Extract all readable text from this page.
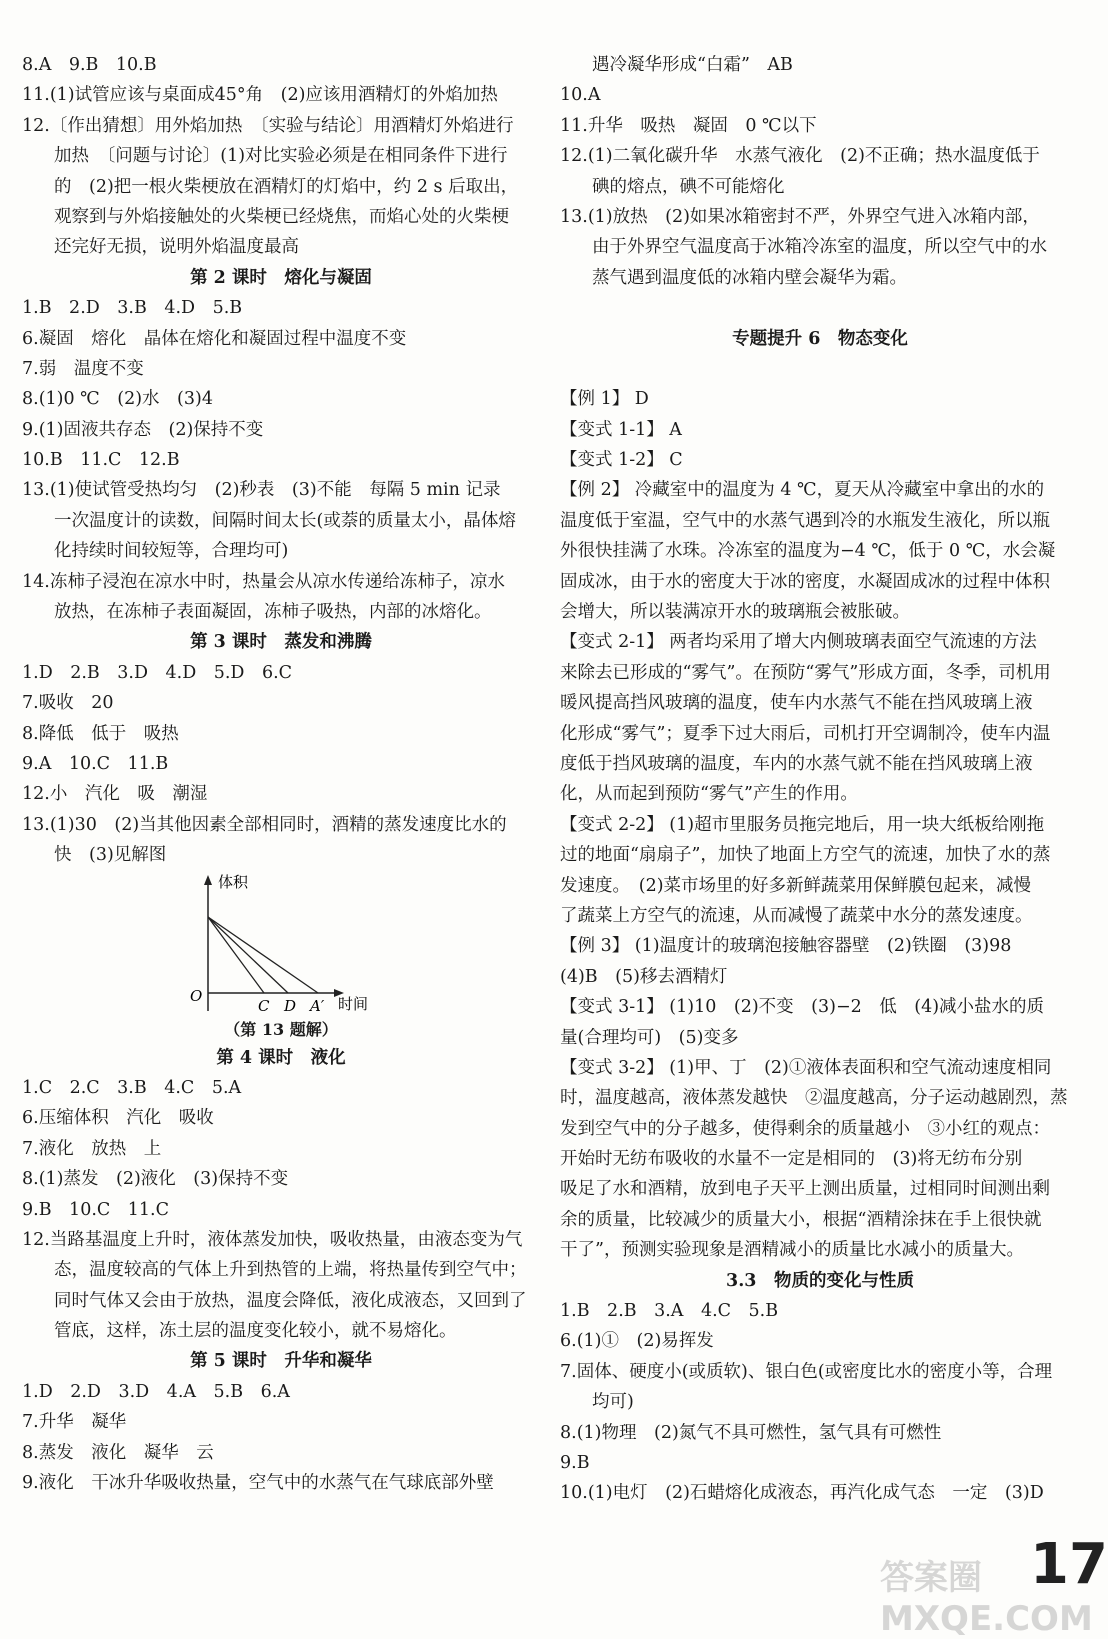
8.A　9.B　10.B
11.(1)试管应该与桌面成45°角　(2)应该用酒精灯的外焰加热
12.〔作出猜想〕用外焰加热　〔实验与结论〕用酒精灯外焰进行
加热　〔问题与讨论〕(1)对比实验必须是在相同条件下进行
的　(2)把一根火柴梗放在酒精灯的灯焰中，约 2 s 后取出，
观察到与外焰接触处的火柴梗已经烧焦，而焰心处的火柴梗
还完好无损，说明外焰温度最高
第 2 课时　熔化与凝固
1.B　2.D　3.B　4.D　5.B
6.凝固　熔化　晶体在熔化和凝固过程中温度不变
7.弱　温度不变
8.(1)0 ℃　(2)水　(3)4
9.(1)固液共存态　(2)保持不变
10.B　11.C　12.B
13.(1)使试管受热均匀　(2)秒表　(3)不能　每隔 5 min 记录
一次温度计的读数，间隔时间太长(或萘的质量太小，晶体熔
化持续时间较短等，合理均可)
14.冻柿子浸泡在凉水中时，热量会从凉水传递给冻柿子，凉水
放热，在冻柿子表面凝固，冻柿子吸热，内部的冰熔化。
第 3 课时　蒸发和沸腾
1.D　2.B　3.D　4.D　5.D　6.C
7.吸收　20
8.降低　低于　吸热
9.A　10.C　11.B
12.小　汽化　吸　潮湿
13.(1)30　(2)当其他因素全部相同时，酒精的蒸发速度比水的
快　(3)见解图
体积
时间
O
C D A′
（第 13 题解）
第 4 课时　液化
1.C　2.C　3.B　4.C　5.A
6.压缩体积　汽化　吸收
7.液化　放热　上
8.(1)蒸发　(2)液化　(3)保持不变
9.B　10.C　11.C
12.当路基温度上升时，液体蒸发加快，吸收热量，由液态变为气
态，温度较高的气体上升到热管的上端，将热量传到空气中；
同时气体又会由于放热，温度会降低，液化成液态，又回到了
管底，这样，冻土层的温度变化较小，就不易熔化。
第 5 课时　升华和凝华
1.D　2.D　3.D　4.A　5.B　6.A
7.升华　凝华
8.蒸发　液化　凝华　云
9.液化　干冰升华吸收热量，空气中的水蒸气在气球底部外壁
遇冷凝华形成“白霜”　AB
10.A
11.升华　吸热　凝固　0 ℃以下
12.(1)二氧化碳升华　水蒸气液化　(2)不正确；热水温度低于
碘的熔点，碘不可能熔化
13.(1)放热　(2)如果冰箱密封不严，外界空气进入冰箱内部，
由于外界空气温度高于冰箱冷冻室的温度，所以空气中的水
蒸气遇到温度低的冰箱内壁会凝华为霜。
专题提升 6　物态变化
【例 1】 D
【变式 1-1】 A
【变式 1-2】 C
【例 2】 冷藏室中的温度为 4 ℃，夏天从冷藏室中拿出的水的
温度低于室温，空气中的水蒸气遇到冷的水瓶发生液化，所以瓶
外很快挂满了水珠。冷冻室的温度为−4 ℃，低于 0 ℃，水会凝
固成冰，由于水的密度大于冰的密度，水凝固成冰的过程中体积
会增大，所以装满凉开水的玻璃瓶会被胀破。
【变式 2-1】 两者均采用了增大内侧玻璃表面空气流速的方法
来除去已形成的“雾气”。在预防“雾气”形成方面，冬季，司机用
暖风提高挡风玻璃的温度，使车内水蒸气不能在挡风玻璃上液
化形成“雾气”；夏季下过大雨后，司机打开空调制冷，使车内温
度低于挡风玻璃的温度，车内的水蒸气就不能在挡风玻璃上液
化，从而起到预防“雾气”产生的作用。
【变式 2-2】 (1)超市里服务员拖完地后，用一块大纸板给刚拖
过的地面“扇扇子”，加快了地面上方空气的流速，加快了水的蒸
发速度。　(2)菜市场里的好多新鲜蔬菜用保鲜膜包起来，减慢
了蔬菜上方空气的流速，从而减慢了蔬菜中水分的蒸发速度。
【例 3】 (1)温度计的玻璃泡接触容器壁　(2)铁圈　(3)98
(4)B　(5)移去酒精灯
【变式 3-1】 (1)10　(2)不变　(3)−2　低　(4)减小盐水的质
量(合理均可)　(5)变多
【变式 3-2】 (1)甲、丁　(2)①液体表面积和空气流动速度相同
时，温度越高，液体蒸发越快　②温度越高，分子运动越剧烈，蒸
发到空气中的分子越多，使得剩余的质量越小　③小红的观点：
开始时无纺布吸收的水量不一定是相同的　(3)将无纺布分别
吸足了水和酒精，放到电子天平上测出质量，过相同时间测出剩
余的质量，比较减少的质量大小，根据“酒精涂抹在手上很快就
干了”，预测实验现象是酒精减小的质量比水减小的质量大。
3.3　物质的变化与性质
1.B　2.B　3.A　4.C　5.B
6.(1)①　(2)易挥发
7.固体、硬度小(或质软)、银白色(或密度比水的密度小等，合理
均可)
8.(1)物理　(2)氮气不具可燃性，氢气具有可燃性
9.B
10.(1)电灯　(2)石蜡熔化成液态，再汽化成气态　一定　(3)D
17
答案圈 MXQE.COM
